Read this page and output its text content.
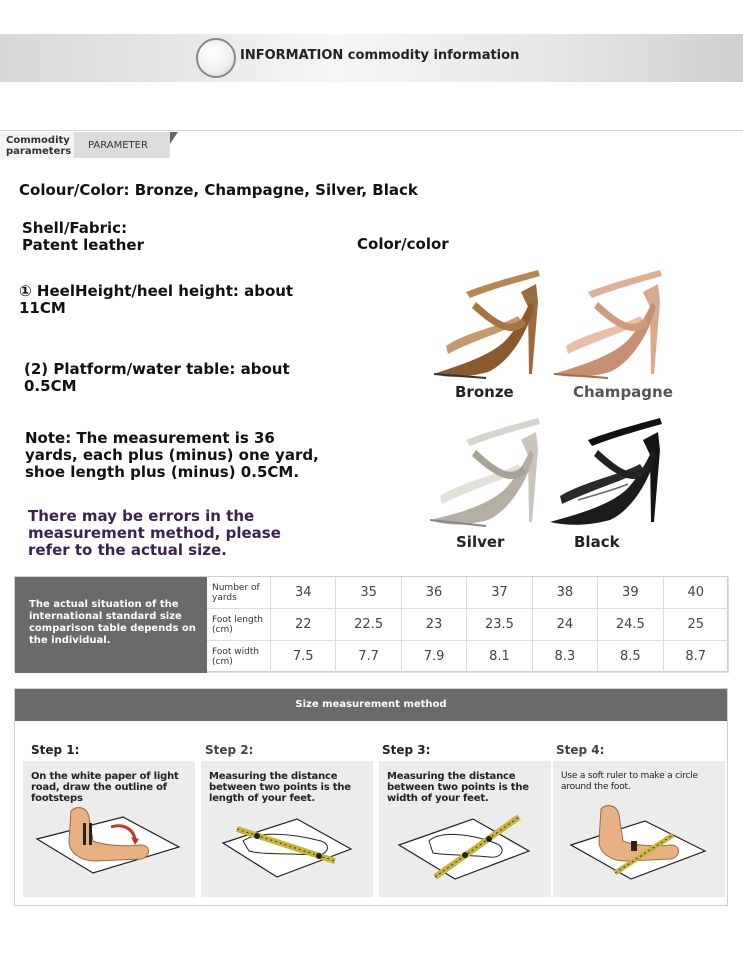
INFORMATION commodity information
Commodity parameters
PARAMETER
Colour/Color: Bronze, Champagne, Silver, Black
Shell/Fabric:
Patent leather	Color/color
① HeelHeight/heel height: about 11CM
(2) Platform/water table: about 0.5CM
Note: The measurement is 36 yards, each plus (minus) one yard, shoe length plus (minus) 0.5CM.
There may be errors in the measurement method, please refer to the actual size.
Bronze	Champagne
Silver	Black
The actual situation of the international standard size comparison table depends on the individual.
Number of yards	34	35	36	37	38	39	40
Foot length (cm)	22	22.5	23	23.5	24	24.5	25
Foot width (cm)	7.5	7.7	7.9	8.1	8.3	8.5	8.7
Size measurement method
Step 1:	Step 2:	Step 3:	Step 4:
On the white paper of light road, draw the outline of footsteps
Measuring the distance between two points is the length of your feet.
Measuring the distance between two points is the width of your feet.
Use a soft ruler to make a circle around the foot.
